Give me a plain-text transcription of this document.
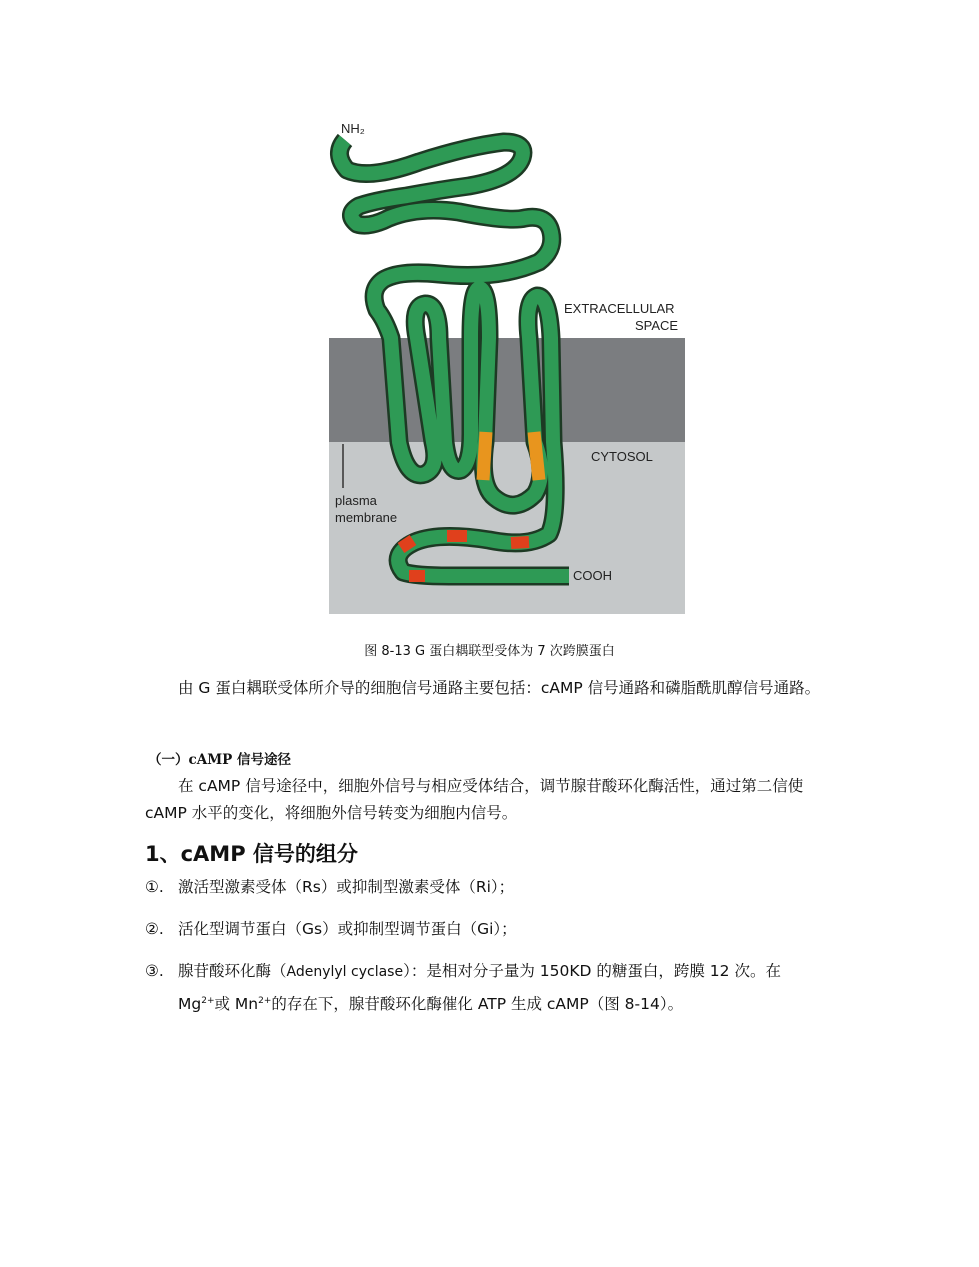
NH₂
EXTRACELLULAR
SPACE
CYTOSOL
plasma
membrane
COOH
图 8-13 G 蛋白耦联型受体为 7 次跨膜蛋白
由 G 蛋白耦联受体所介导的细胞信号通路主要包括：cAMP 信号通路和磷脂酰肌醇信号通路。
（一）cAMP 信号途径
在 cAMP 信号途径中，细胞外信号与相应受体结合，调节腺苷酸环化酶活性，通过第二信使 cAMP 水平的变化，将细胞外信号转变为细胞内信号。
1、cAMP 信号的组分
①. 激活型激素受体（Rs）或抑制型激素受体（Ri）；
②. 活化型调节蛋白（Gs）或抑制型调节蛋白（Gi）；
③. 腺苷酸环化酶（Adenylyl cyclase）：是相对分子量为 150KD 的糖蛋白，跨膜 12 次。在
$Mg^{2+}$或 $Mn^{2+}$的存在下，腺苷酸环化酶催化 ATP 生成 cAMP（图 8-14）。
